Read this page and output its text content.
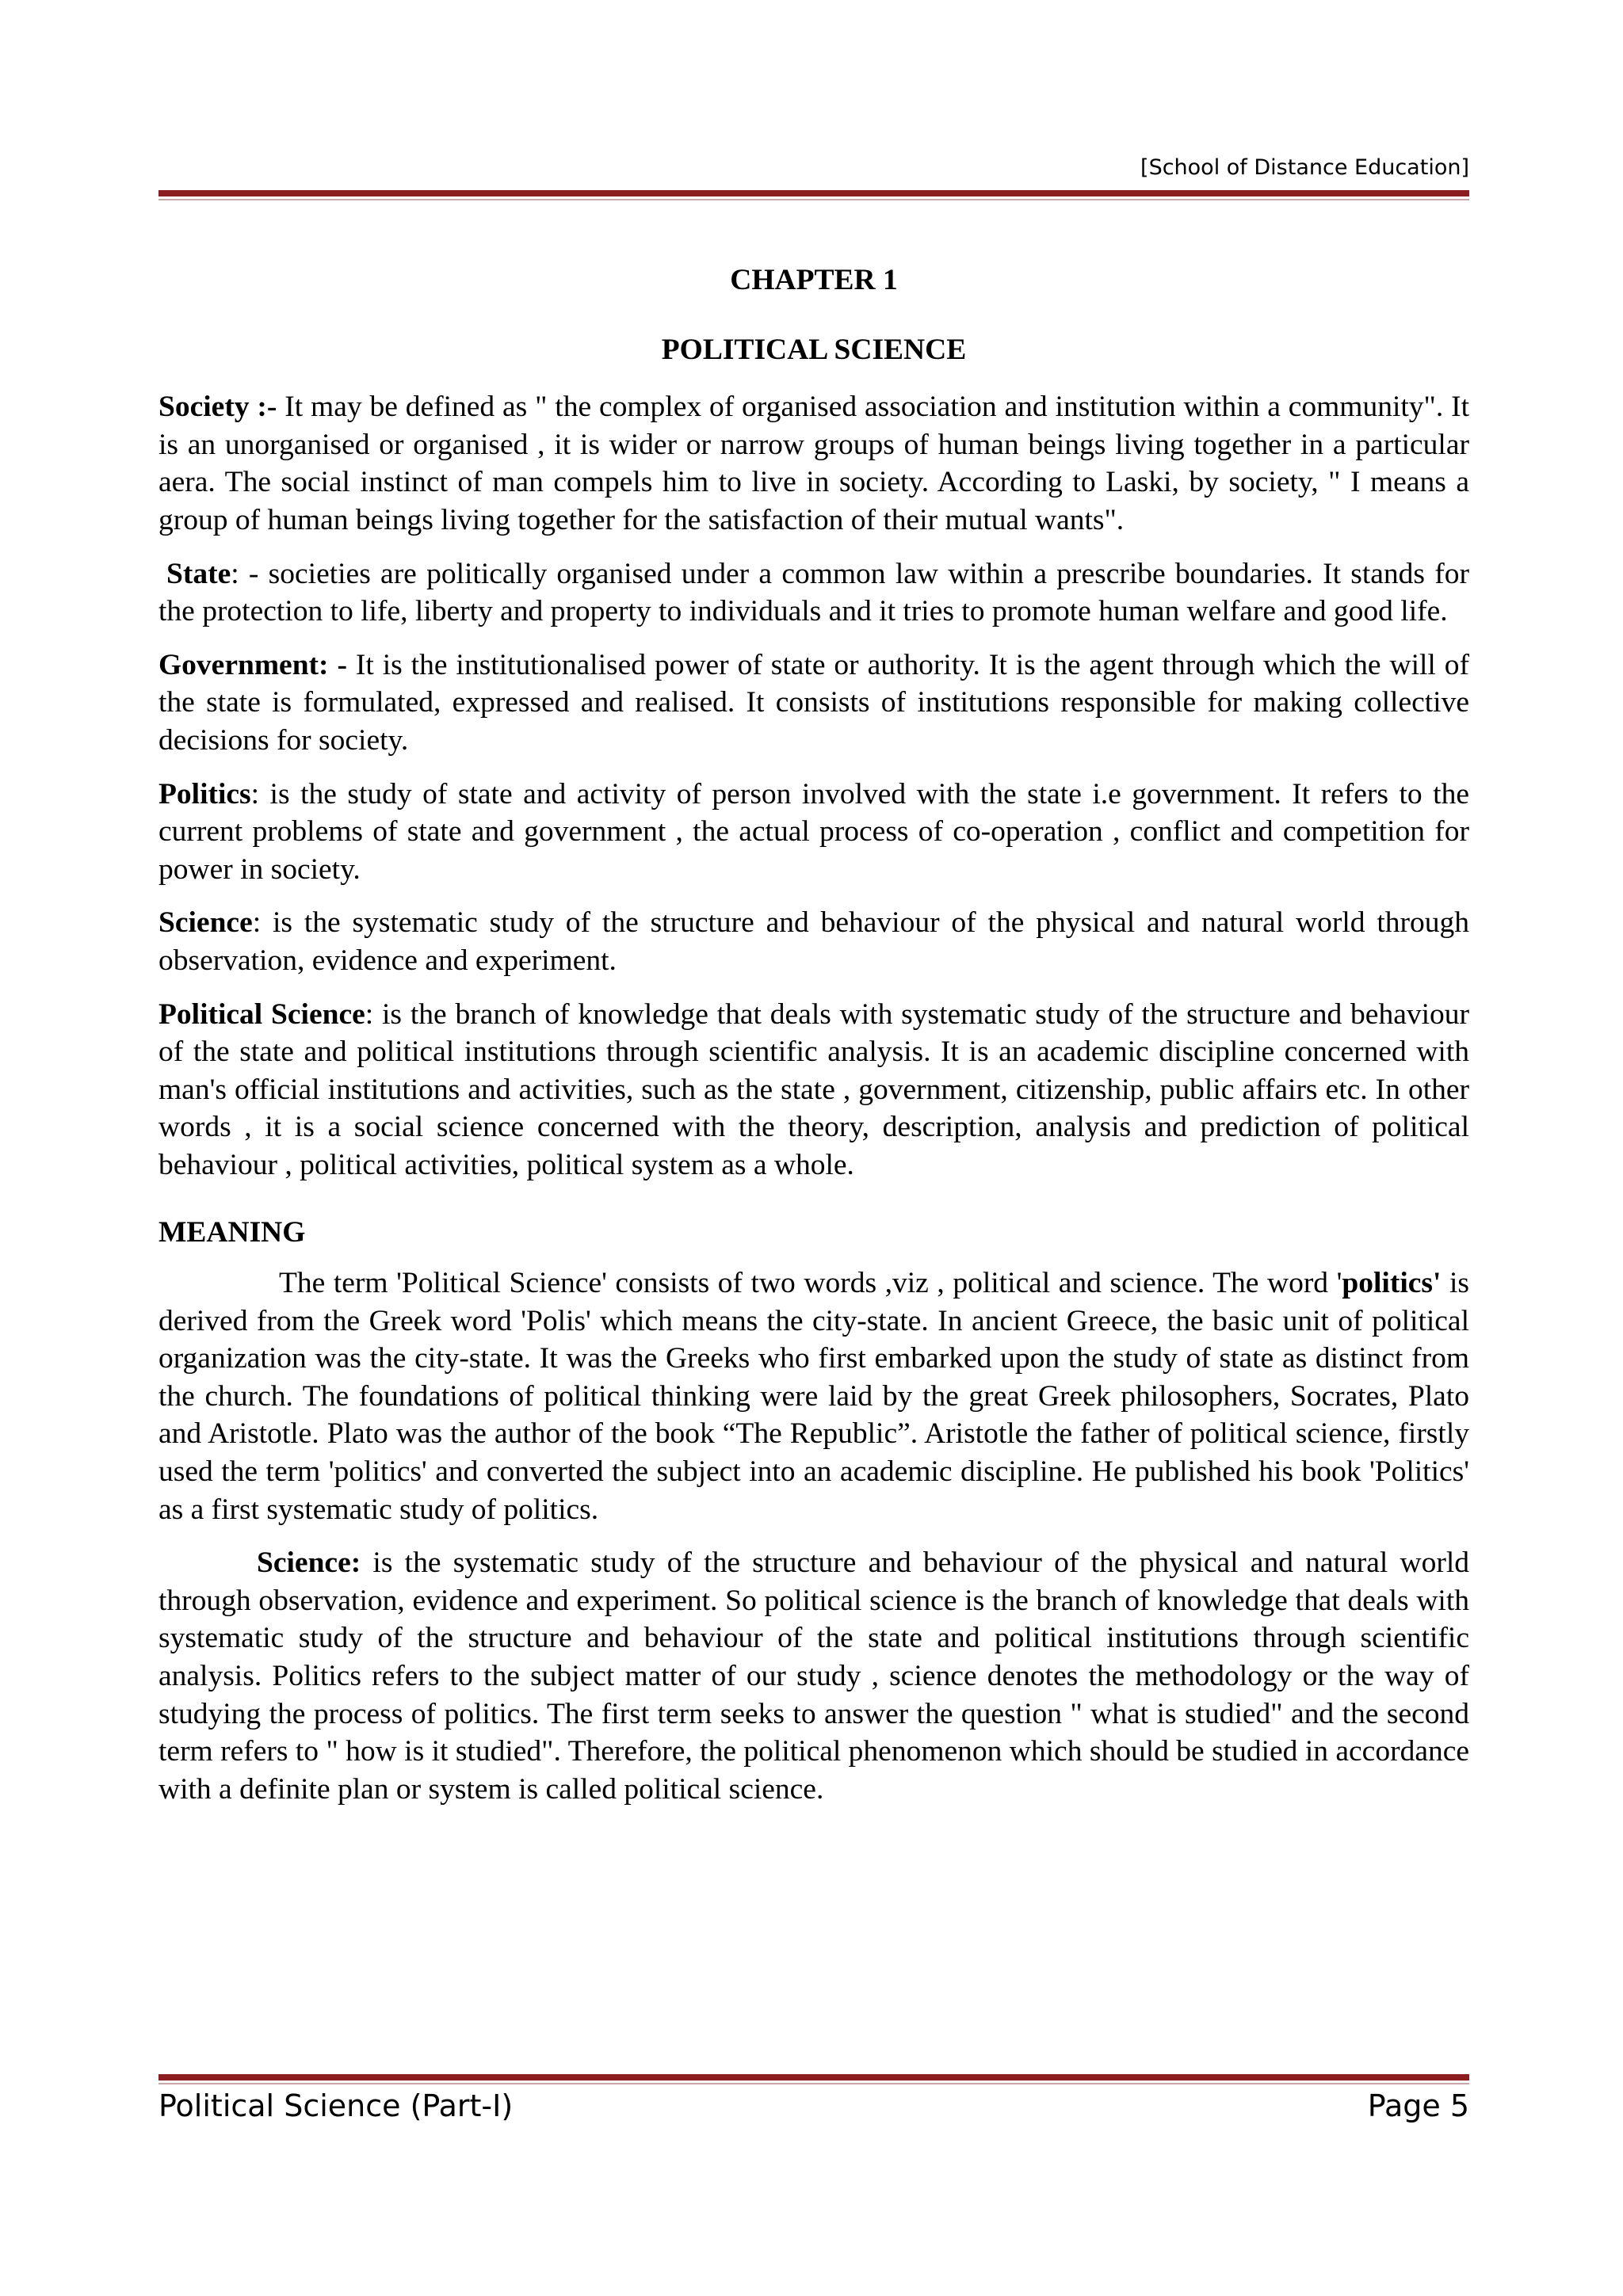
[School of Distance Education]

CHAPTER 1

POLITICAL SCIENCE

Society :- It may be defined as " the complex of organised association and institution within a community". It is an unorganised or organised , it is wider or narrow groups of human beings living together in a particular aera. The social instinct of man compels him to live in society. According to Laski, by society, " I means a group of human beings living together for the satisfaction of their mutual wants".

State: - societies are politically organised under a common law within a prescribe boundaries. It stands for the protection to life, liberty and property to individuals and it tries to promote human welfare and good life.

Government: - It is the institutionalised power of state or authority. It is the agent through which the will of the state is formulated, expressed and realised. It consists of institutions responsible for making collective decisions for society.

Politics: is the study of state and activity of person involved with the state i.e government. It refers to the current problems of state and government , the actual process of co-operation , conflict and competition for power in society.

Science: is the systematic study of the structure and behaviour of the physical and natural world through observation, evidence and experiment.

Political Science: is the branch of knowledge that deals with systematic study of the structure and behaviour of the state and political institutions through scientific analysis. It is an academic discipline concerned with man's official institutions and activities, such as the state , government, citizenship, public affairs etc. In other words , it is a social science concerned with the theory, description, analysis and prediction of political behaviour , political activities, political system as a whole.

MEANING

The term 'Political Science' consists of two words ,viz , political and science. The word 'politics' is derived from the Greek word 'Polis' which means the city-state. In ancient Greece, the basic unit of political organization was the city-state. It was the Greeks who first embarked upon the study of state as distinct from the church. The foundations of political thinking were laid by the great Greek philosophers, Socrates, Plato and Aristotle. Plato was the author of the book “The Republic”. Aristotle the father of political science, firstly used the term 'politics' and converted the subject into an academic discipline. He published his book 'Politics' as a first systematic study of politics.

Science: is the systematic study of the structure and behaviour of the physical and natural world through observation, evidence and experiment. So political science is the branch of knowledge that deals with systematic study of the structure and behaviour of the state and political institutions through scientific analysis. Politics refers to the subject matter of our study , science denotes the methodology or the way of studying the process of politics. The first term seeks to answer the question " what is studied" and the second term refers to " how is it studied". Therefore, the political phenomenon which should be studied in accordance with a definite plan or system is called political science.

Political Science (Part-I)	Page 5
